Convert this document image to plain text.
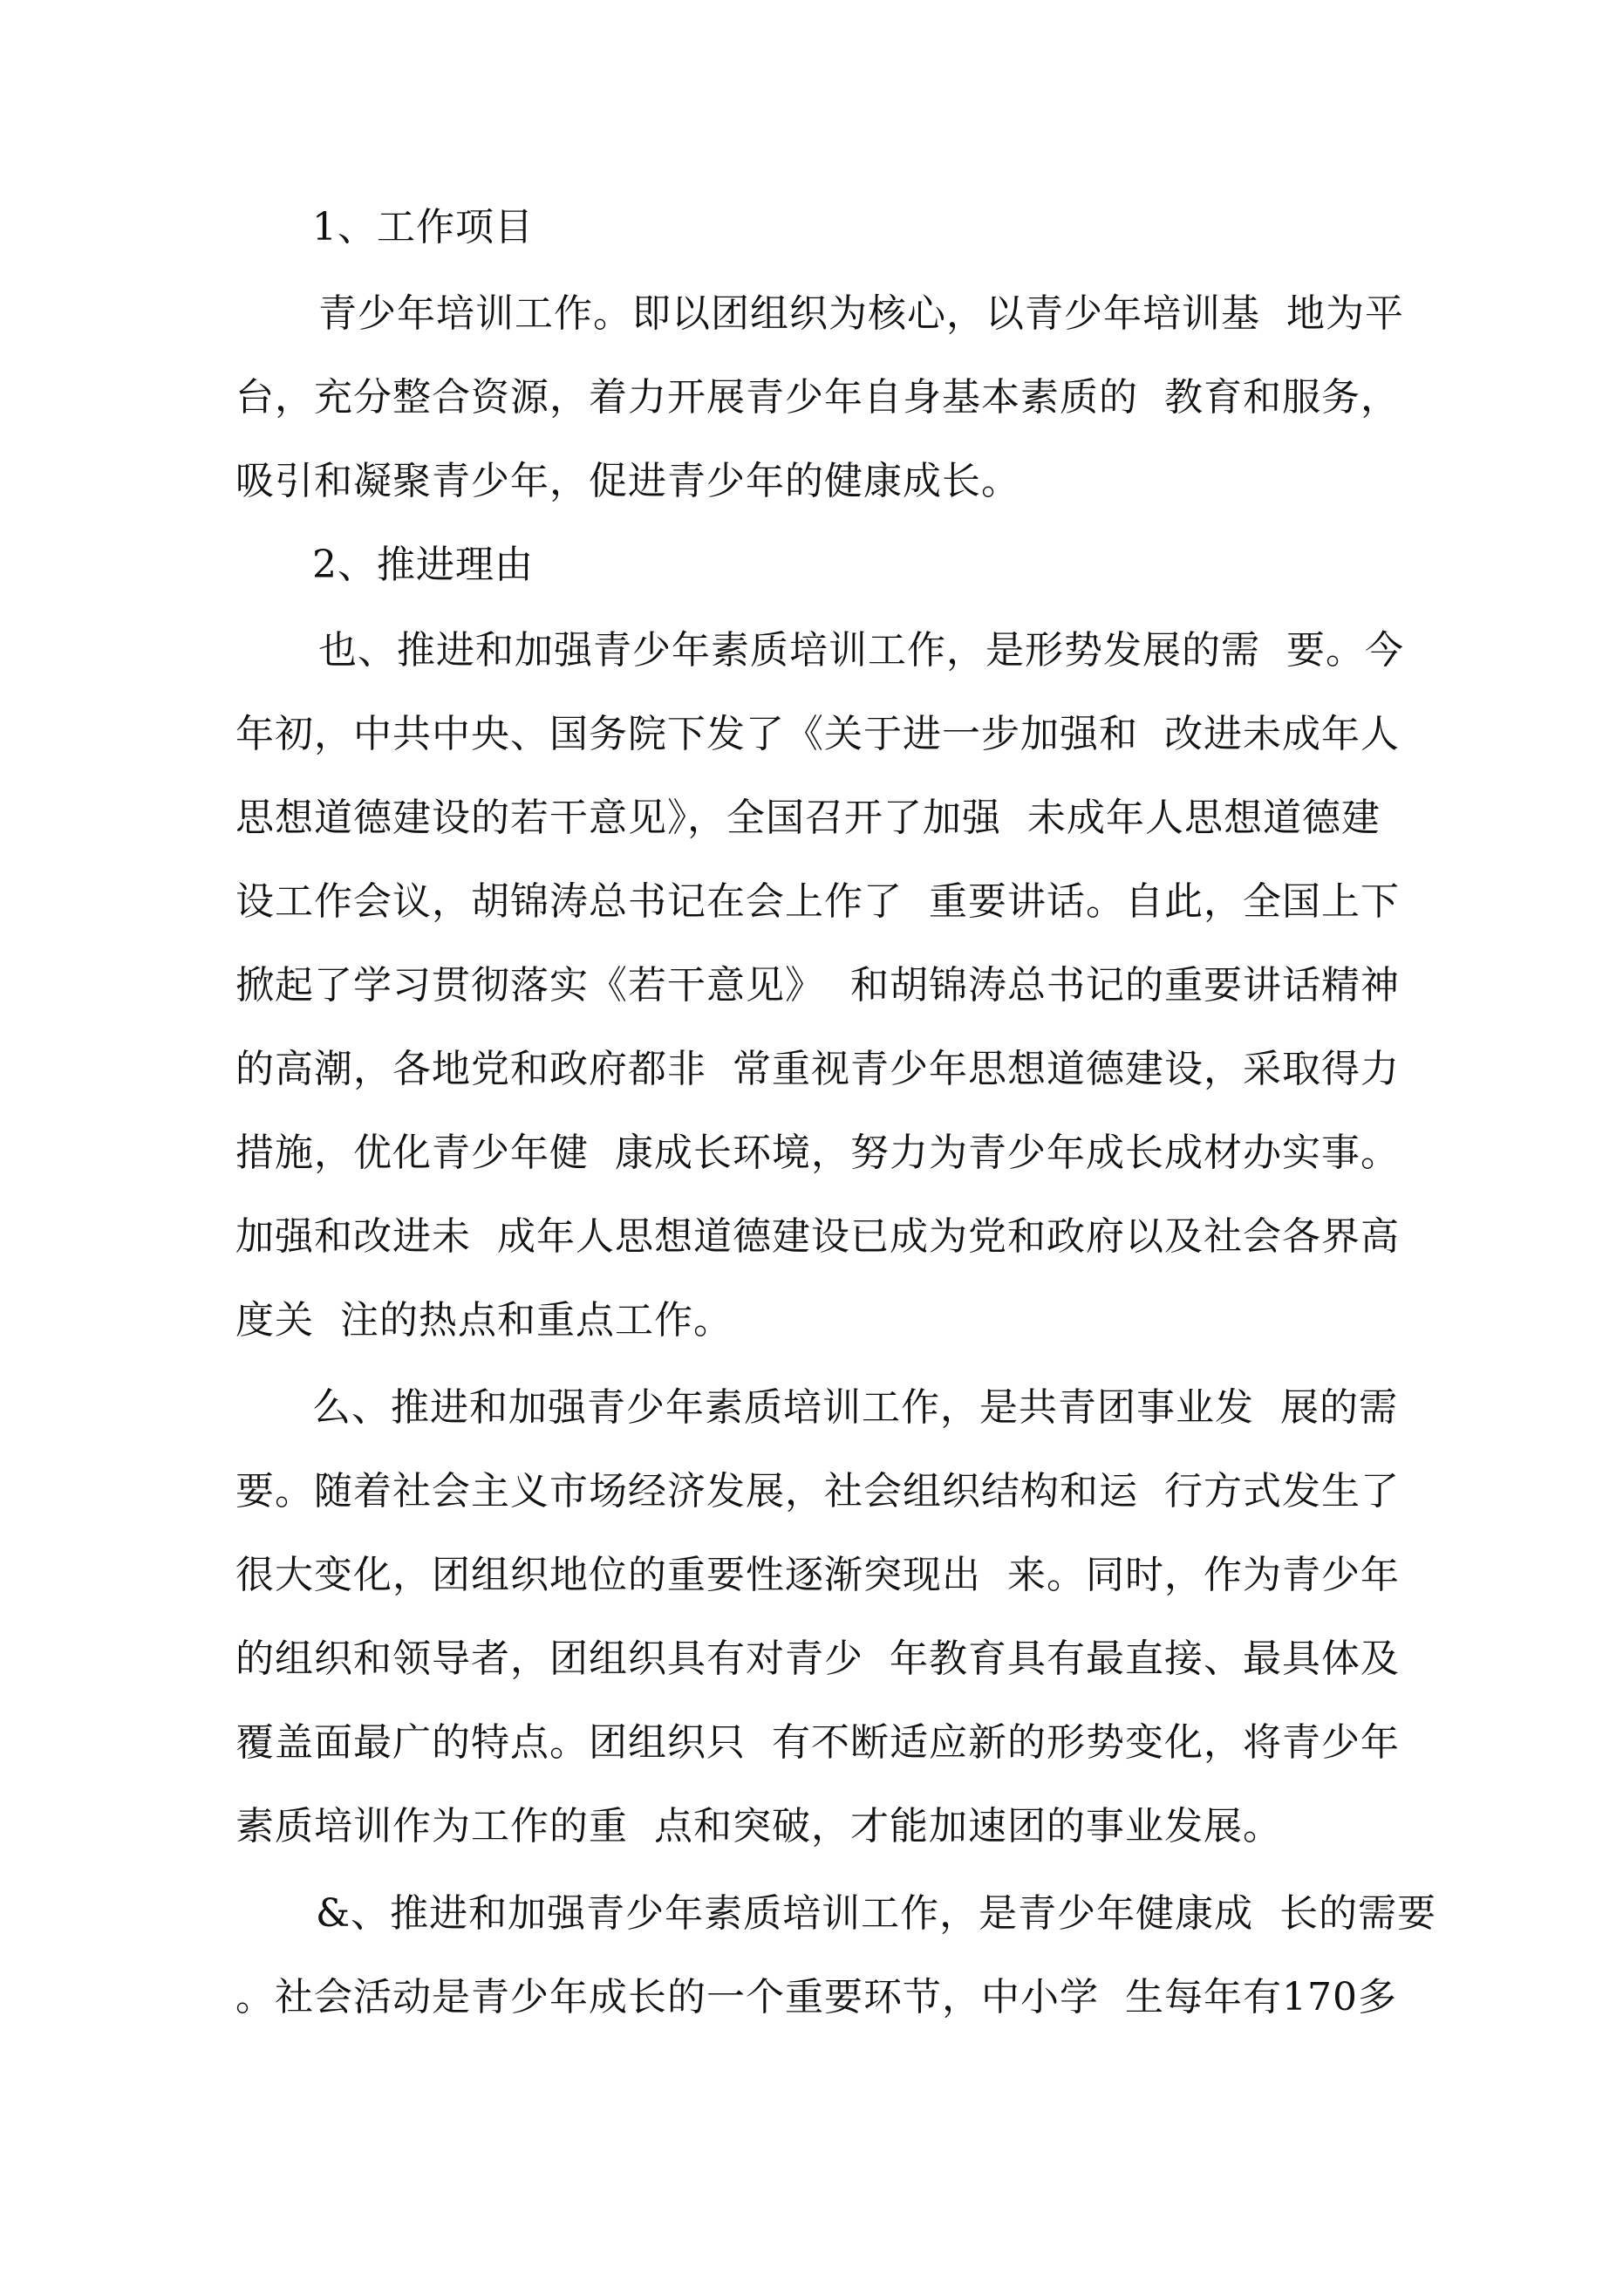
1、工作项目
青少年培训工作。即以团组织为核心，以青少年培训基  地为平
台，充分整合资源，着力开展青少年自身基本素质的  教育和服务，
吸引和凝聚青少年，促进青少年的健康成长。
2、推进理由
也、推进和加强青少年素质培训工作，是形势发展的需  要。今
年初，中共中央、国务院下发了《关于进一步加强和  改进未成年人
思想道德建设的若干意见》，全国召开了加强  未成年人思想道德建
设工作会议，胡锦涛总书记在会上作了  重要讲话。自此，全国上下
掀起了学习贯彻落实《若干意见》  和胡锦涛总书记的重要讲话精神
的高潮，各地党和政府都非  常重视青少年思想道德建设，采取得力
措施，优化青少年健  康成长环境，努力为青少年成长成材办实事。
加强和改进未  成年人思想道德建设已成为党和政府以及社会各界高
度关  注的热点和重点工作。
么、推进和加强青少年素质培训工作，是共青团事业发  展的需
要。随着社会主义市场经济发展，社会组织结构和运  行方式发生了
很大变化，团组织地位的重要性逐渐突现出  来。同时，作为青少年
的组织和领导者，团组织具有对青少  年教育具有最直接、最具体及
覆盖面最广的特点。团组织只  有不断适应新的形势变化，将青少年
素质培训作为工作的重  点和突破，才能加速团的事业发展。
&、推进和加强青少年素质培训工作，是青少年健康成  长的需要
。社会活动是青少年成长的一个重要环节，中小学  生每年有170多
